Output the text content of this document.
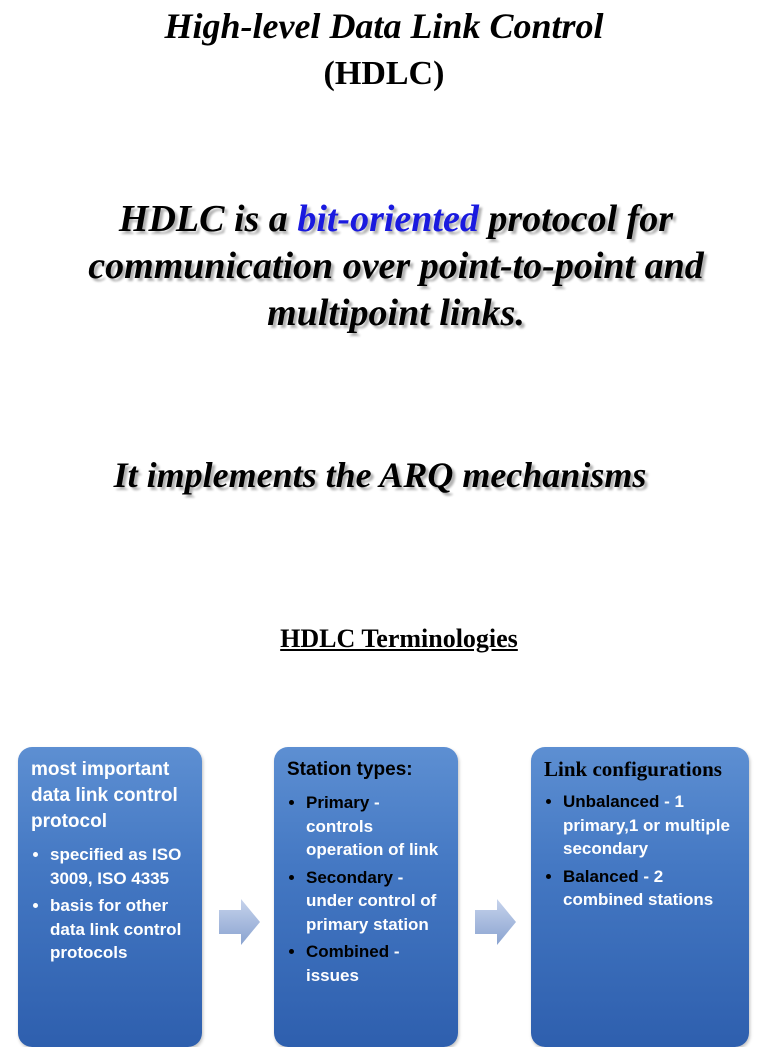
High-level Data Link Control
(HDLC)
HDLC is a bit-oriented protocol for communication over point-to-point and multipoint links.
It implements the ARQ mechanisms
HDLC Terminologies
most important data link control protocol
• specified as ISO 3009, ISO 4335
• basis for other data link control protocols
Station types:
• Primary - controls operation of link
• Secondary - under control of primary station
• Combined - issues
Link configurations
• Unbalanced - 1 primary,1 or multiple secondary
• Balanced - 2 combined stations
